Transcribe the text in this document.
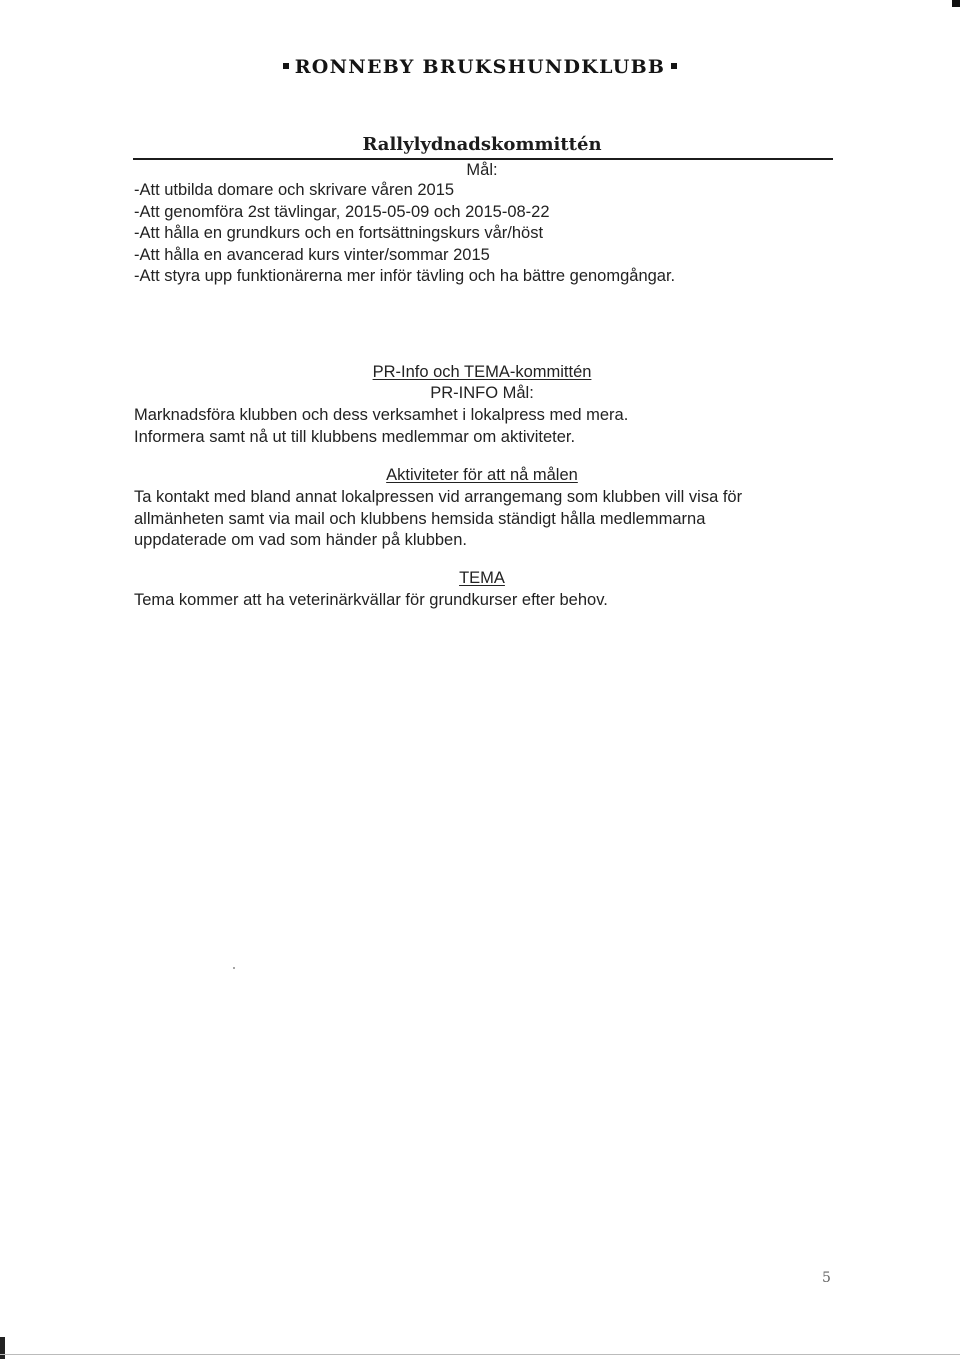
RONNEBY BRUKSHUNDKLUBB
Rallylydnadskommittén
Mål:
-Att utbilda domare och skrivare våren 2015
-Att genomföra 2st tävlingar, 2015-05-09 och 2015-08-22
-Att hålla en grundkurs och en fortsättningskurs vår/höst
-Att hålla en avancerad kurs vinter/sommar 2015
-Att styra upp funktionärerna mer inför tävling och ha bättre genomgångar.
PR-Info och TEMA-kommittén
PR-INFO Mål:
Marknadsföra klubben och dess verksamhet i lokalpress med mera.
Informera samt nå ut till klubbens medlemmar om aktiviteter.
Aktiviteter för att nå målen
Ta kontakt med bland annat lokalpressen vid arrangemang som klubben vill visa för
allmänheten samt via mail och klubbens hemsida ständigt hålla medlemmarna
uppdaterade om vad som händer på klubben.
TEMA
Tema kommer att ha veterinärkvällar för grundkurser efter behov.
5
